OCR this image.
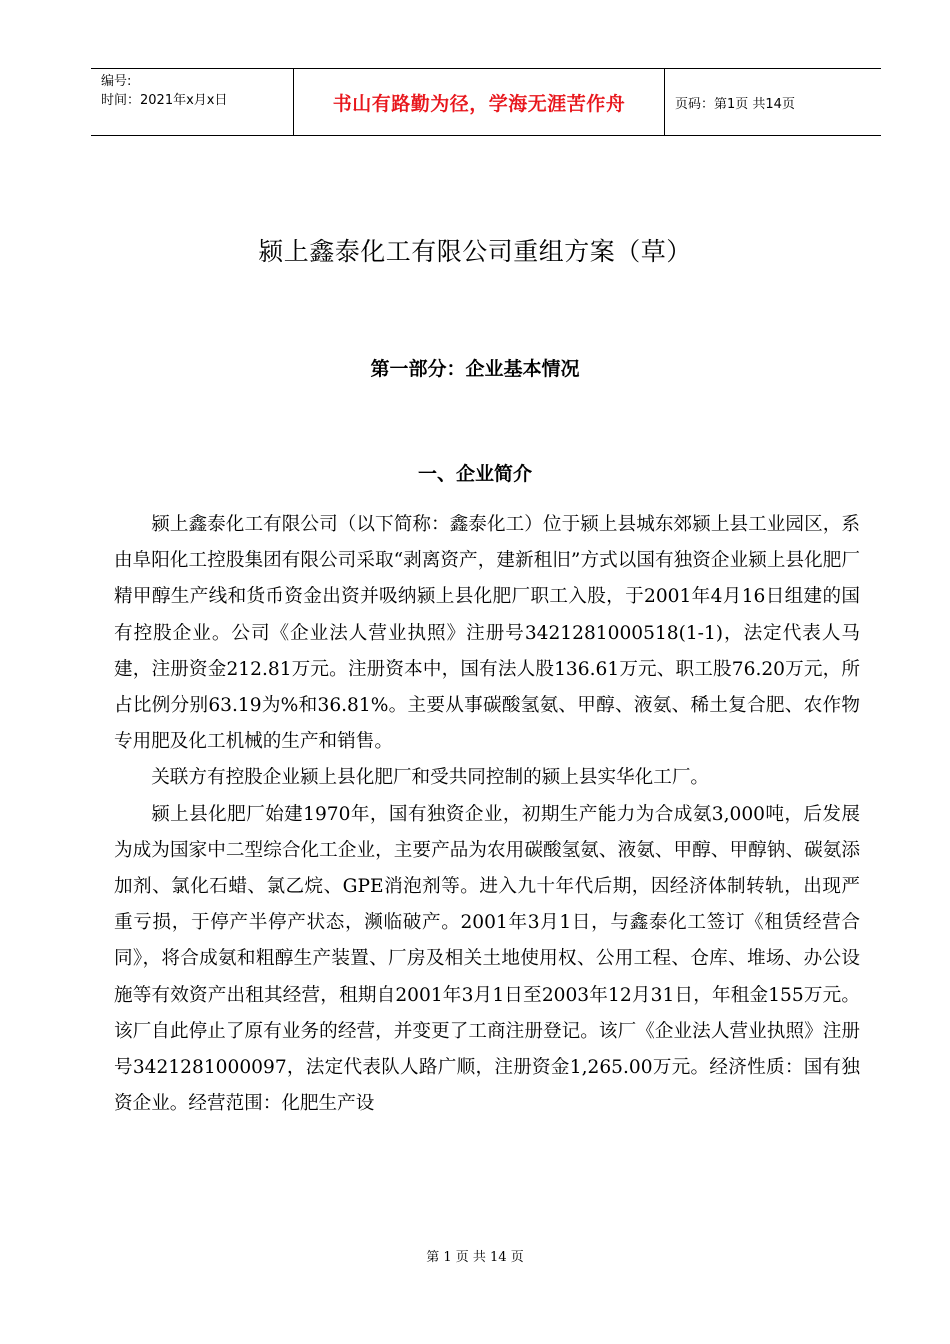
编号:
时间：2021年x月x日	书山有路勤为径，学海无涯苦作舟	页码：第1页 共14页
颍上鑫泰化工有限公司重组方案（草）
第一部分：企业基本情况
一、企业简介

颍上鑫泰化工有限公司（以下简称：鑫泰化工）位于颍上县城东郊颍上县工业园区，系由阜阳化工控股集团有限公司采取“剥离资产，建新租旧”方式以国有独资企业颍上县化肥厂精甲醇生产线和货币资金出资并吸纳颍上县化肥厂职工入股，于2001年4月16日组建的国有控股企业。公司《企业法人营业执照》注册号3421281000518(1-1)，法定代表人马建，注册资金212.81万元。注册资本中，国有法人股136.61万元、职工股76.20万元，所占比例分别63.19为%和36.81%。主要从事碳酸氢氨、甲醇、液氨、稀土复合肥、农作物专用肥及化工机械的生产和销售。

关联方有控股企业颍上县化肥厂和受共同控制的颍上县实华化工厂。

颍上县化肥厂始建1970年，国有独资企业，初期生产能力为合成氨3,000吨，后发展为成为国家中二型综合化工企业，主要产品为农用碳酸氢氨、液氨、甲醇、甲醇钠、碳氨添加剂、氯化石蜡、氯乙烷、GPE消泡剂等。进入九十年代后期，因经济体制转轨，出现严重亏损，于停产半停产状态，濒临破产。2001年3月1日，与鑫泰化工签订《租赁经营合同》，将合成氨和粗醇生产装置、厂房及相关土地使用权、公用工程、仓库、堆场、办公设施等有效资产出租其经营，租期自2001年3月1日至2003年12月31日，年租金155万元。该厂自此停止了原有业务的经营，并变更了工商注册登记。该厂《企业法人营业执照》注册号3421281000097，法定代表队人路广顺，注册资金1,265.00万元。经济性质：国有独资企业。经营范围：化肥生产设

第 1 页 共 14 页
